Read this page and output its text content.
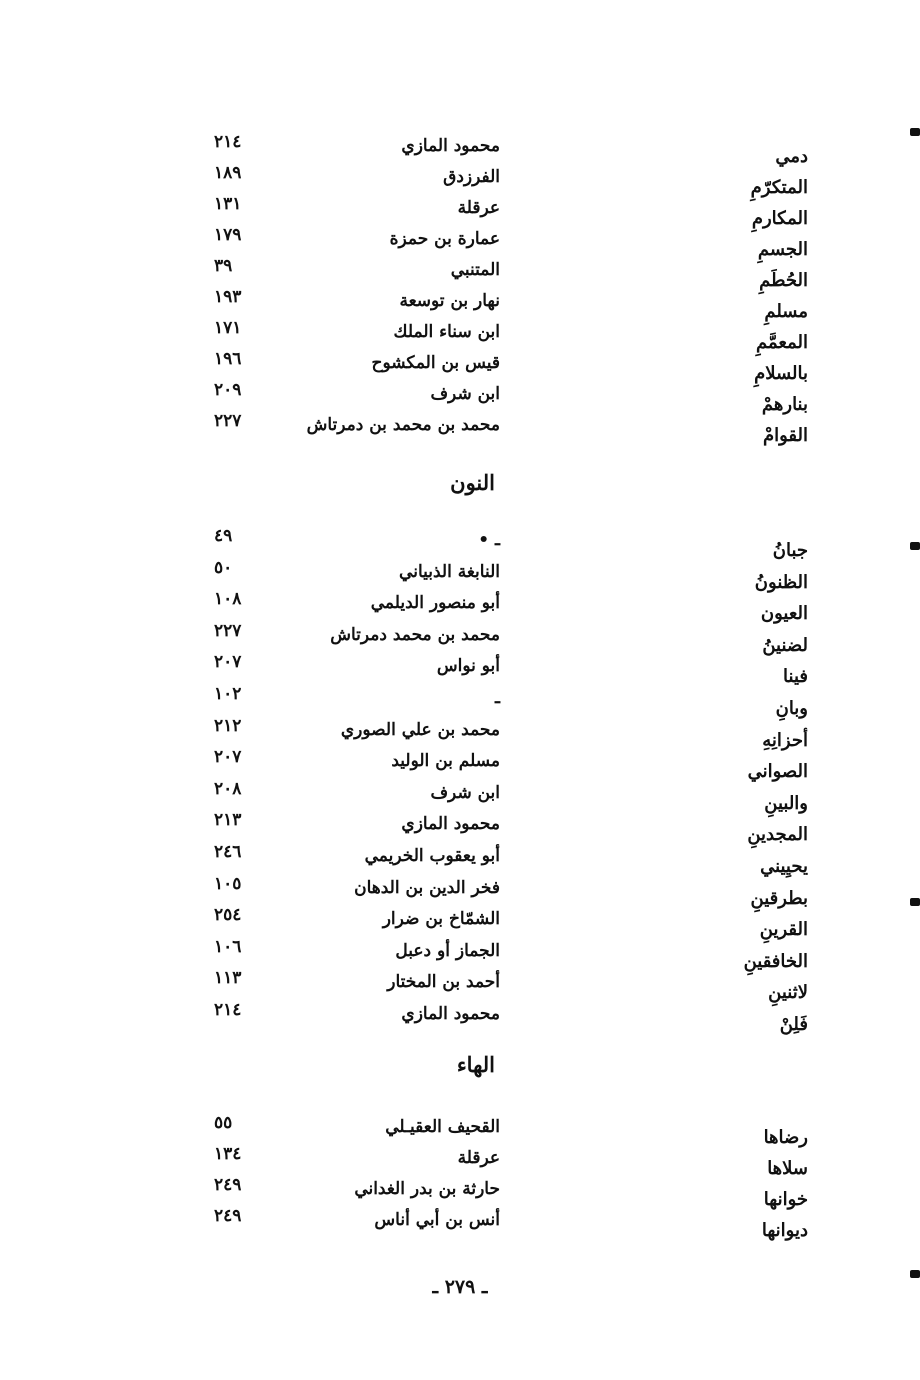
دمي
محمود المازي
٢١٤
المتكرّمِ
الفرزدق
١٨٩
المكارمِ
عرقلة
١٣١
الجسمِ
عمارة بن حمزة
١٧٩
الحُطَمِ
المتنبي
٣٩
مسلمِ
نهار بن توسعة
١٩٣
المعمَّمِ
ابن سناء الملك
١٧١
بالسلامِ
قيس بن المكشوح
١٩٦
بنارهمْ
ابن شرف
٢٠٩
القوامْ
محمد بن محمد بن دمرتاش
٢٢٧
النون
جبانُ
ـ •
٤٩
الظنونُ
النابغة الذبياني
٥٠
العيون
أبو منصور الديلمي
١٠٨
لضنينُ
محمد بن محمد دمرتاش
٢٢٧
فينا
أبو نواس
٢٠٧
وبانِ
ـ
١٠٢
أحزانِهِ
محمد بن علي الصوري
٢١٢
الصواني
مسلم بن الوليد
٢٠٧
والبينِ
ابن شرف
٢٠٨
المجدينِ
محمود المازي
٢١٣
يحيِيني
أبو يعقوب الخريمي
٢٤٦
بطرقينِ
فخر الدين بن الدهان
١٠٥
القرينِ
الشمّاخ بن ضرار
٢٥٤
الخافقينِ
الجماز أو دعبل
١٠٦
لاثنينِ
أحمد بن المختار
١١٣
فَلِنْ
محمود المازي
٢١٤
الهاء
رضاها
القحيف العقيـلي
٥٥
سلاها
عرقلة
١٣٤
خوانها
حارثة بن بدر الغداني
٢٤٩
ديوانها
أنس بن أبي أناس
٢٤٩
ـ ٢٧٩ ـ
